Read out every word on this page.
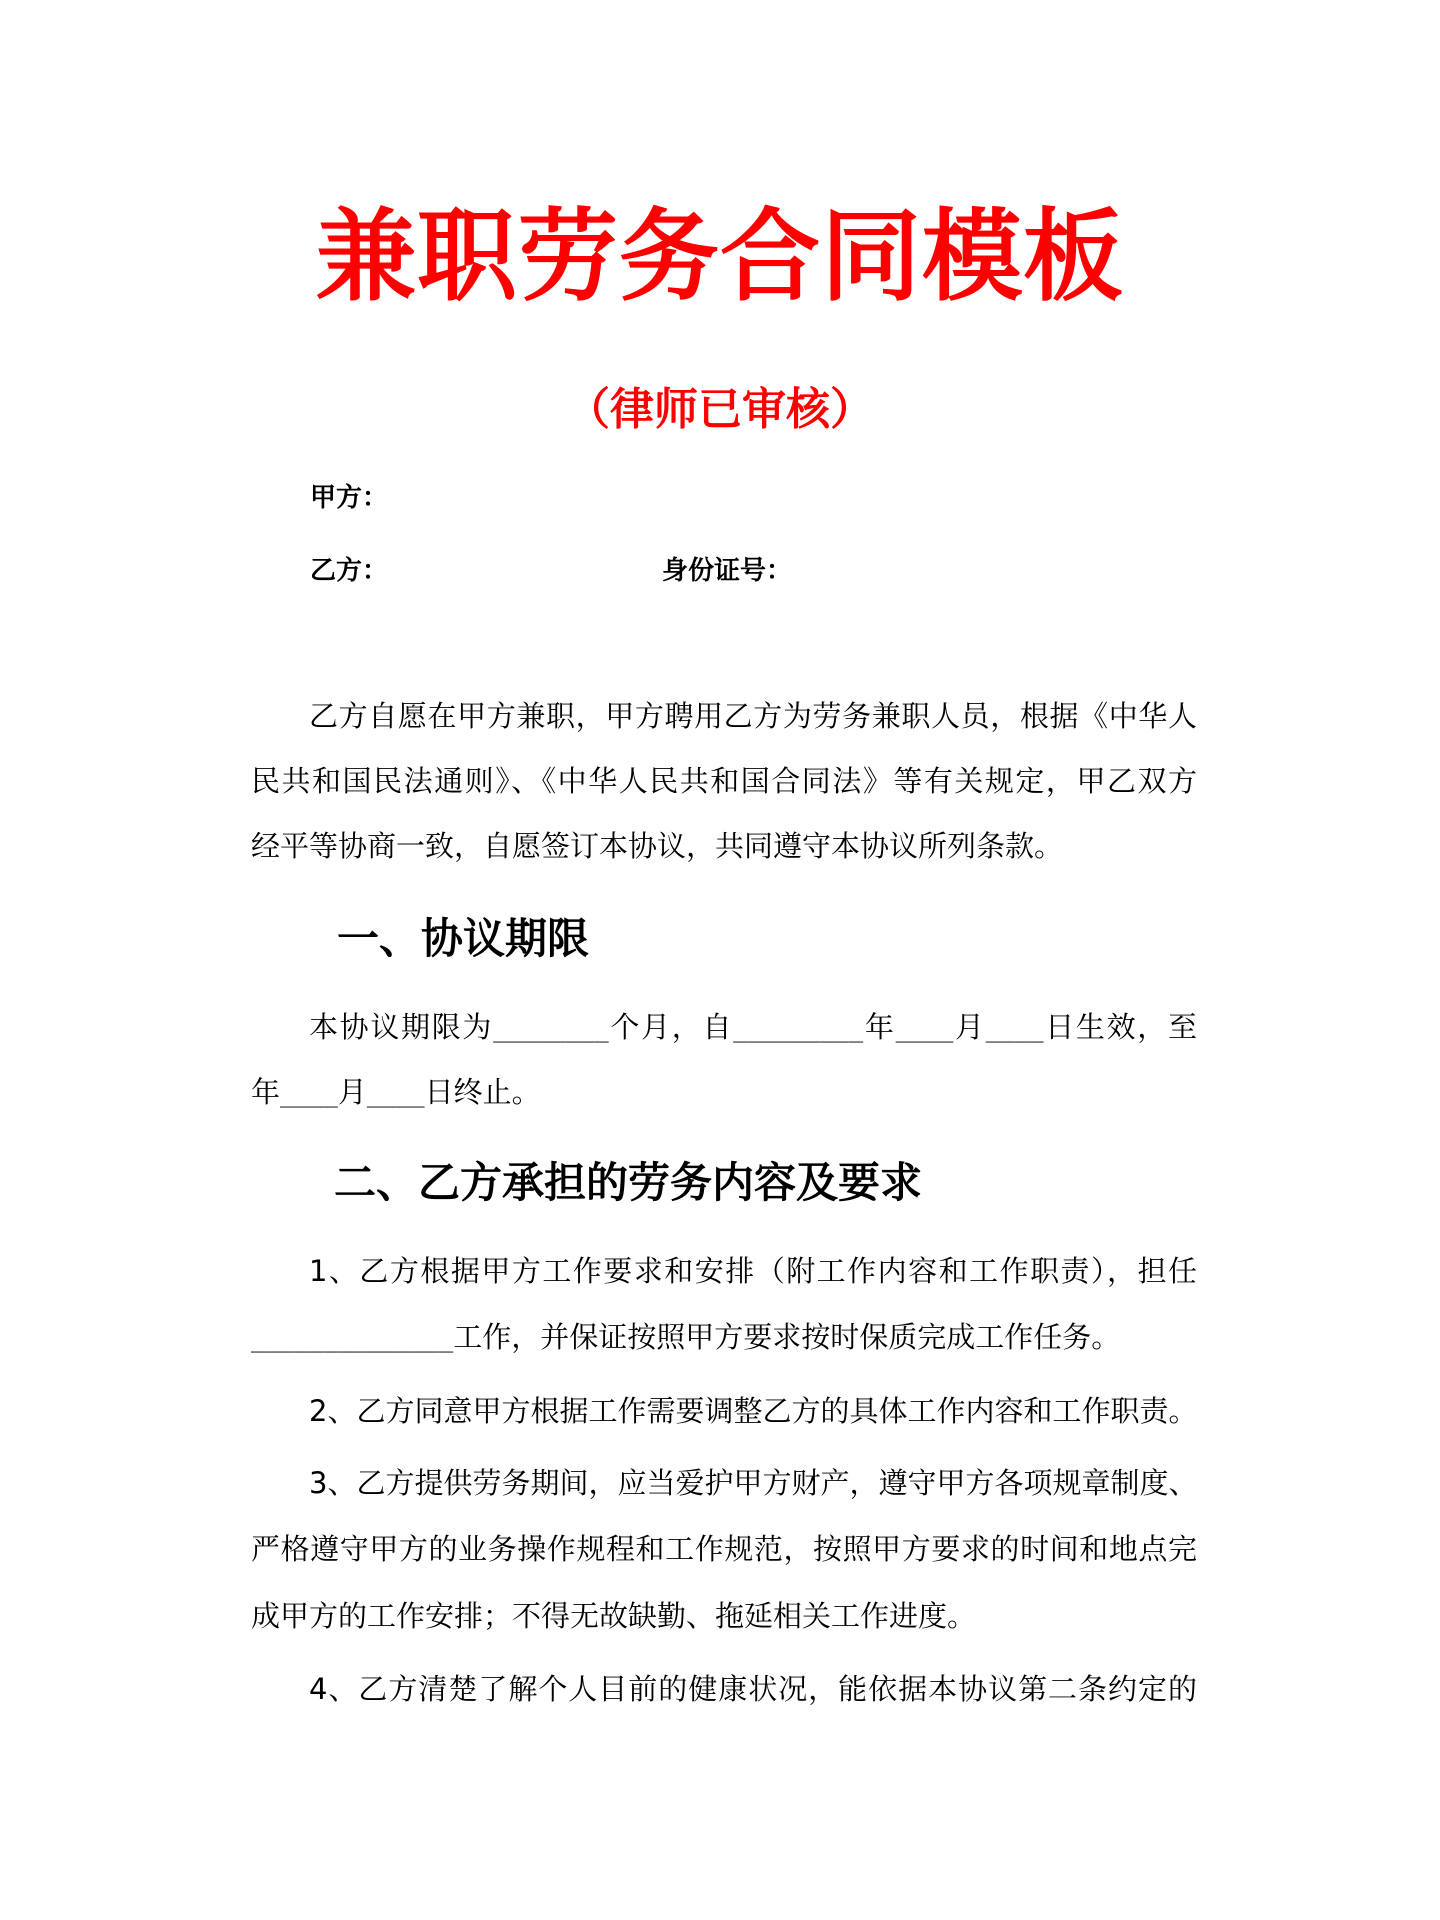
兼职劳务合同模板
（律师已审核）
甲方：
乙方：	身份证号：
乙方自愿在甲方兼职，甲方聘用乙方为劳务兼职人员，根据《中华人
民共和国民法通则》、《中华人民共和国合同法》等有关规定，甲乙双方
经平等协商一致，自愿签订本协议，共同遵守本协议所列条款。
一、协议期限
本协议期限为________个月，自_________年____月____日生效，至
年____月____日终止。
二、乙方承担的劳务内容及要求
1、乙方根据甲方工作要求和安排（附工作内容和工作职责），担任
______________工作，并保证按照甲方要求按时保质完成工作任务。
2、乙方同意甲方根据工作需要调整乙方的具体工作内容和工作职责。
3、乙方提供劳务期间，应当爱护甲方财产，遵守甲方各项规章制度、
严格遵守甲方的业务操作规程和工作规范，按照甲方要求的时间和地点完
成甲方的工作安排；不得无故缺勤、拖延相关工作进度。
4、乙方清楚了解个人目前的健康状况，能依据本协议第二条约定的
